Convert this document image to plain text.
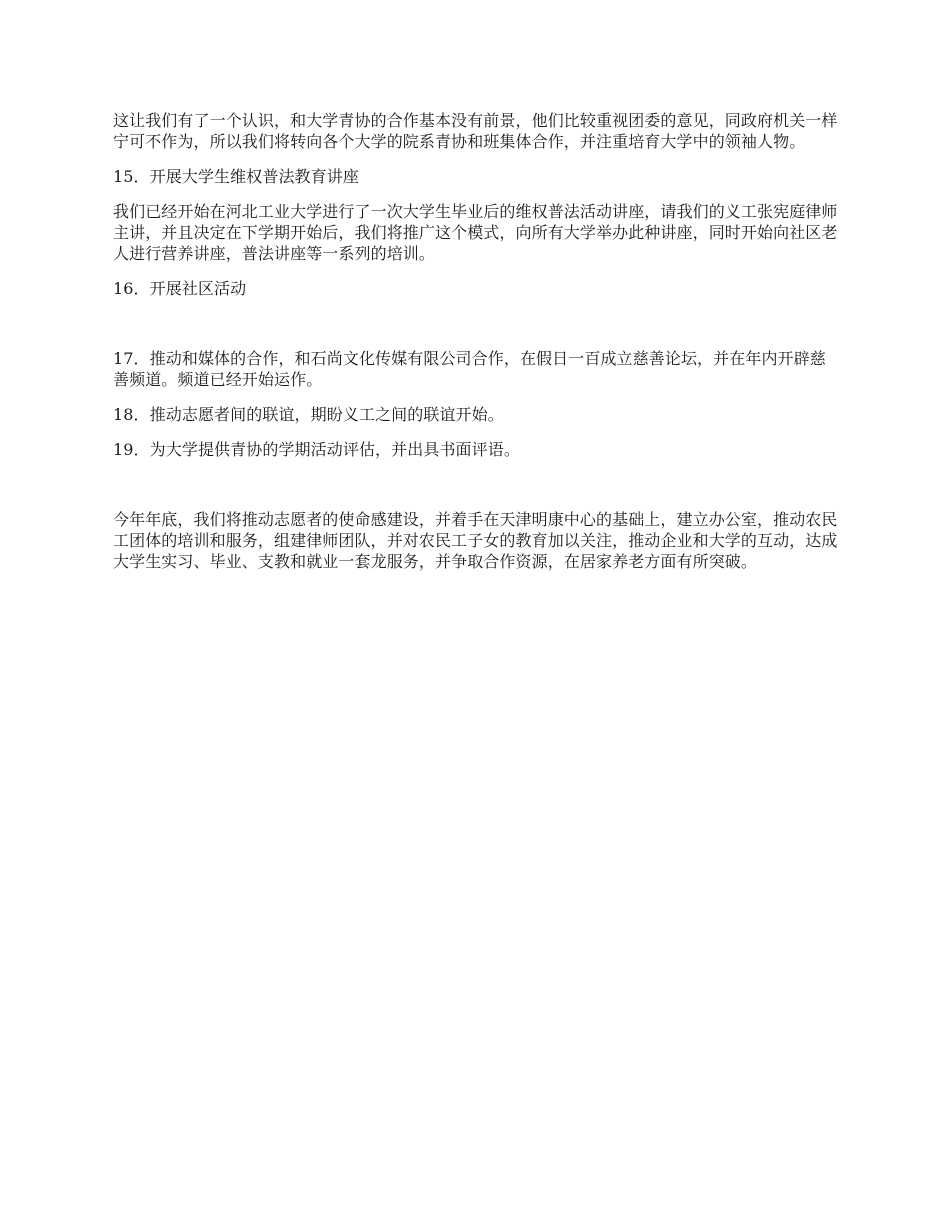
这让我们有了一个认识，和大学青协的合作基本没有前景，他们比较重视团委的意见，同政府机关一样宁可不作为，所以我们将转向各个大学的院系青协和班集体合作，并注重培育大学中的领袖人物。

15．开展大学生维权普法教育讲座

我们已经开始在河北工业大学进行了一次大学生毕业后的维权普法活动讲座，请我们的义工张宪庭律师主讲，并且决定在下学期开始后，我们将推广这个模式，向所有大学举办此种讲座，同时开始向社区老人进行营养讲座，普法讲座等一系列的培训。

16．开展社区活动

17．推动和媒体的合作，和石尚文化传媒有限公司合作，在假日一百成立慈善论坛，并在年内开辟慈善频道。频道已经开始运作。

18．推动志愿者间的联谊，期盼义工之间的联谊开始。

19．为大学提供青协的学期活动评估，并出具书面评语。

今年年底，我们将推动志愿者的使命感建设，并着手在天津明康中心的基础上，建立办公室，推动农民工团体的培训和服务，组建律师团队，并对农民工子女的教育加以关注，推动企业和大学的互动，达成大学生实习、毕业、支教和就业一套龙服务，并争取合作资源，在居家养老方面有所突破。
